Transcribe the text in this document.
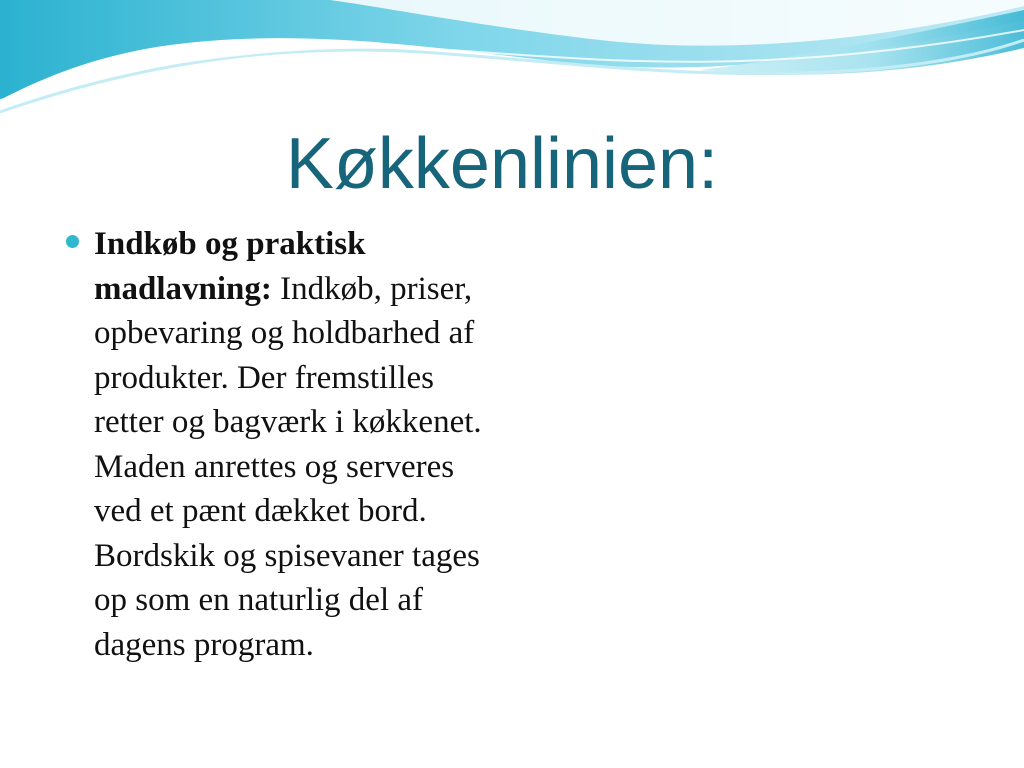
Køkkenlinien:
Indkøb og praktisk madlavning: Indkøb, priser, opbevaring og holdbarhed af produkter. Der fremstilles retter og bagværk i køkkenet. Maden anrettes og serveres ved et pænt dækket bord. Bordskik og spisevaner tages op som en naturlig del af dagens program.
